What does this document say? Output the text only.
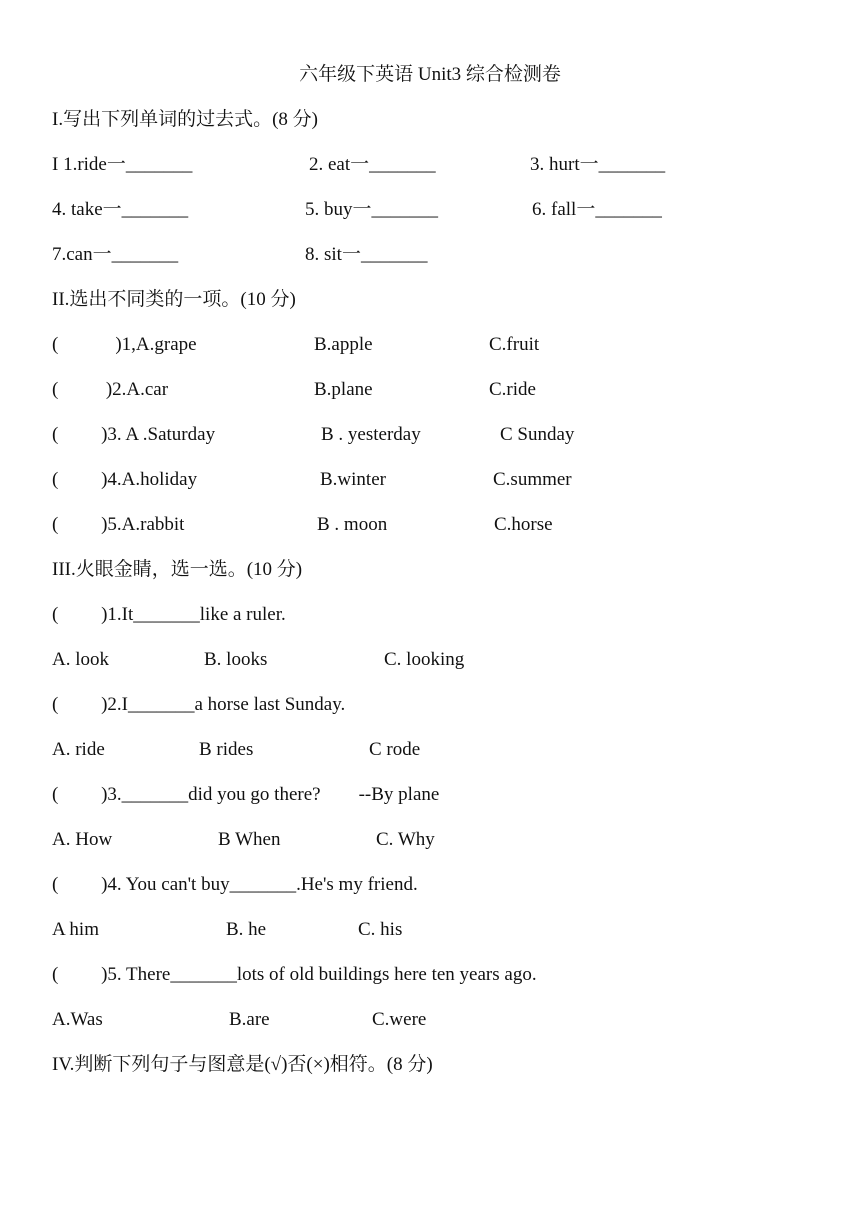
六年级下英语 Unit3 综合检测卷

I.写出下列单词的过去式。(8 分)

I 1.ride一_______

	2. eat一_______

	3. hurt一_______

4. take一_______

	5. buy一_______

	6. fall一_______

7.can一_______

	8. sit一_______

II.选出不同类的一项。(10 分)

(            )1,A.grape

	B.apple

	C.fruit

(          )2.A.car

	B.plane

	C.ride

(         )3. A .Saturday

	B . yesterday

	C Sunday

(         )4.A.holiday

	B.winter

	C.summer

(         )5.A.rabbit

	B . moon

	C.horse

III.火眼金睛，选一选。(10 分)

(         )1.It_______like a ruler.

A. look

	B. looks

	C. looking

(         )2.I_______a horse last Sunday.

A. ride

	B rides

	C rode

(         )3._______did you go there?        --By plane

A. How

	B When

	C. Why

(         )4. You can't buy_______.He's my friend.

A him

	B. he

	C. his

(         )5. There_______lots of old buildings here ten years ago.

A.Was

	B.are

	C.were

IV.判断下列句子与图意是(√)否(×)相符。(8 分)
